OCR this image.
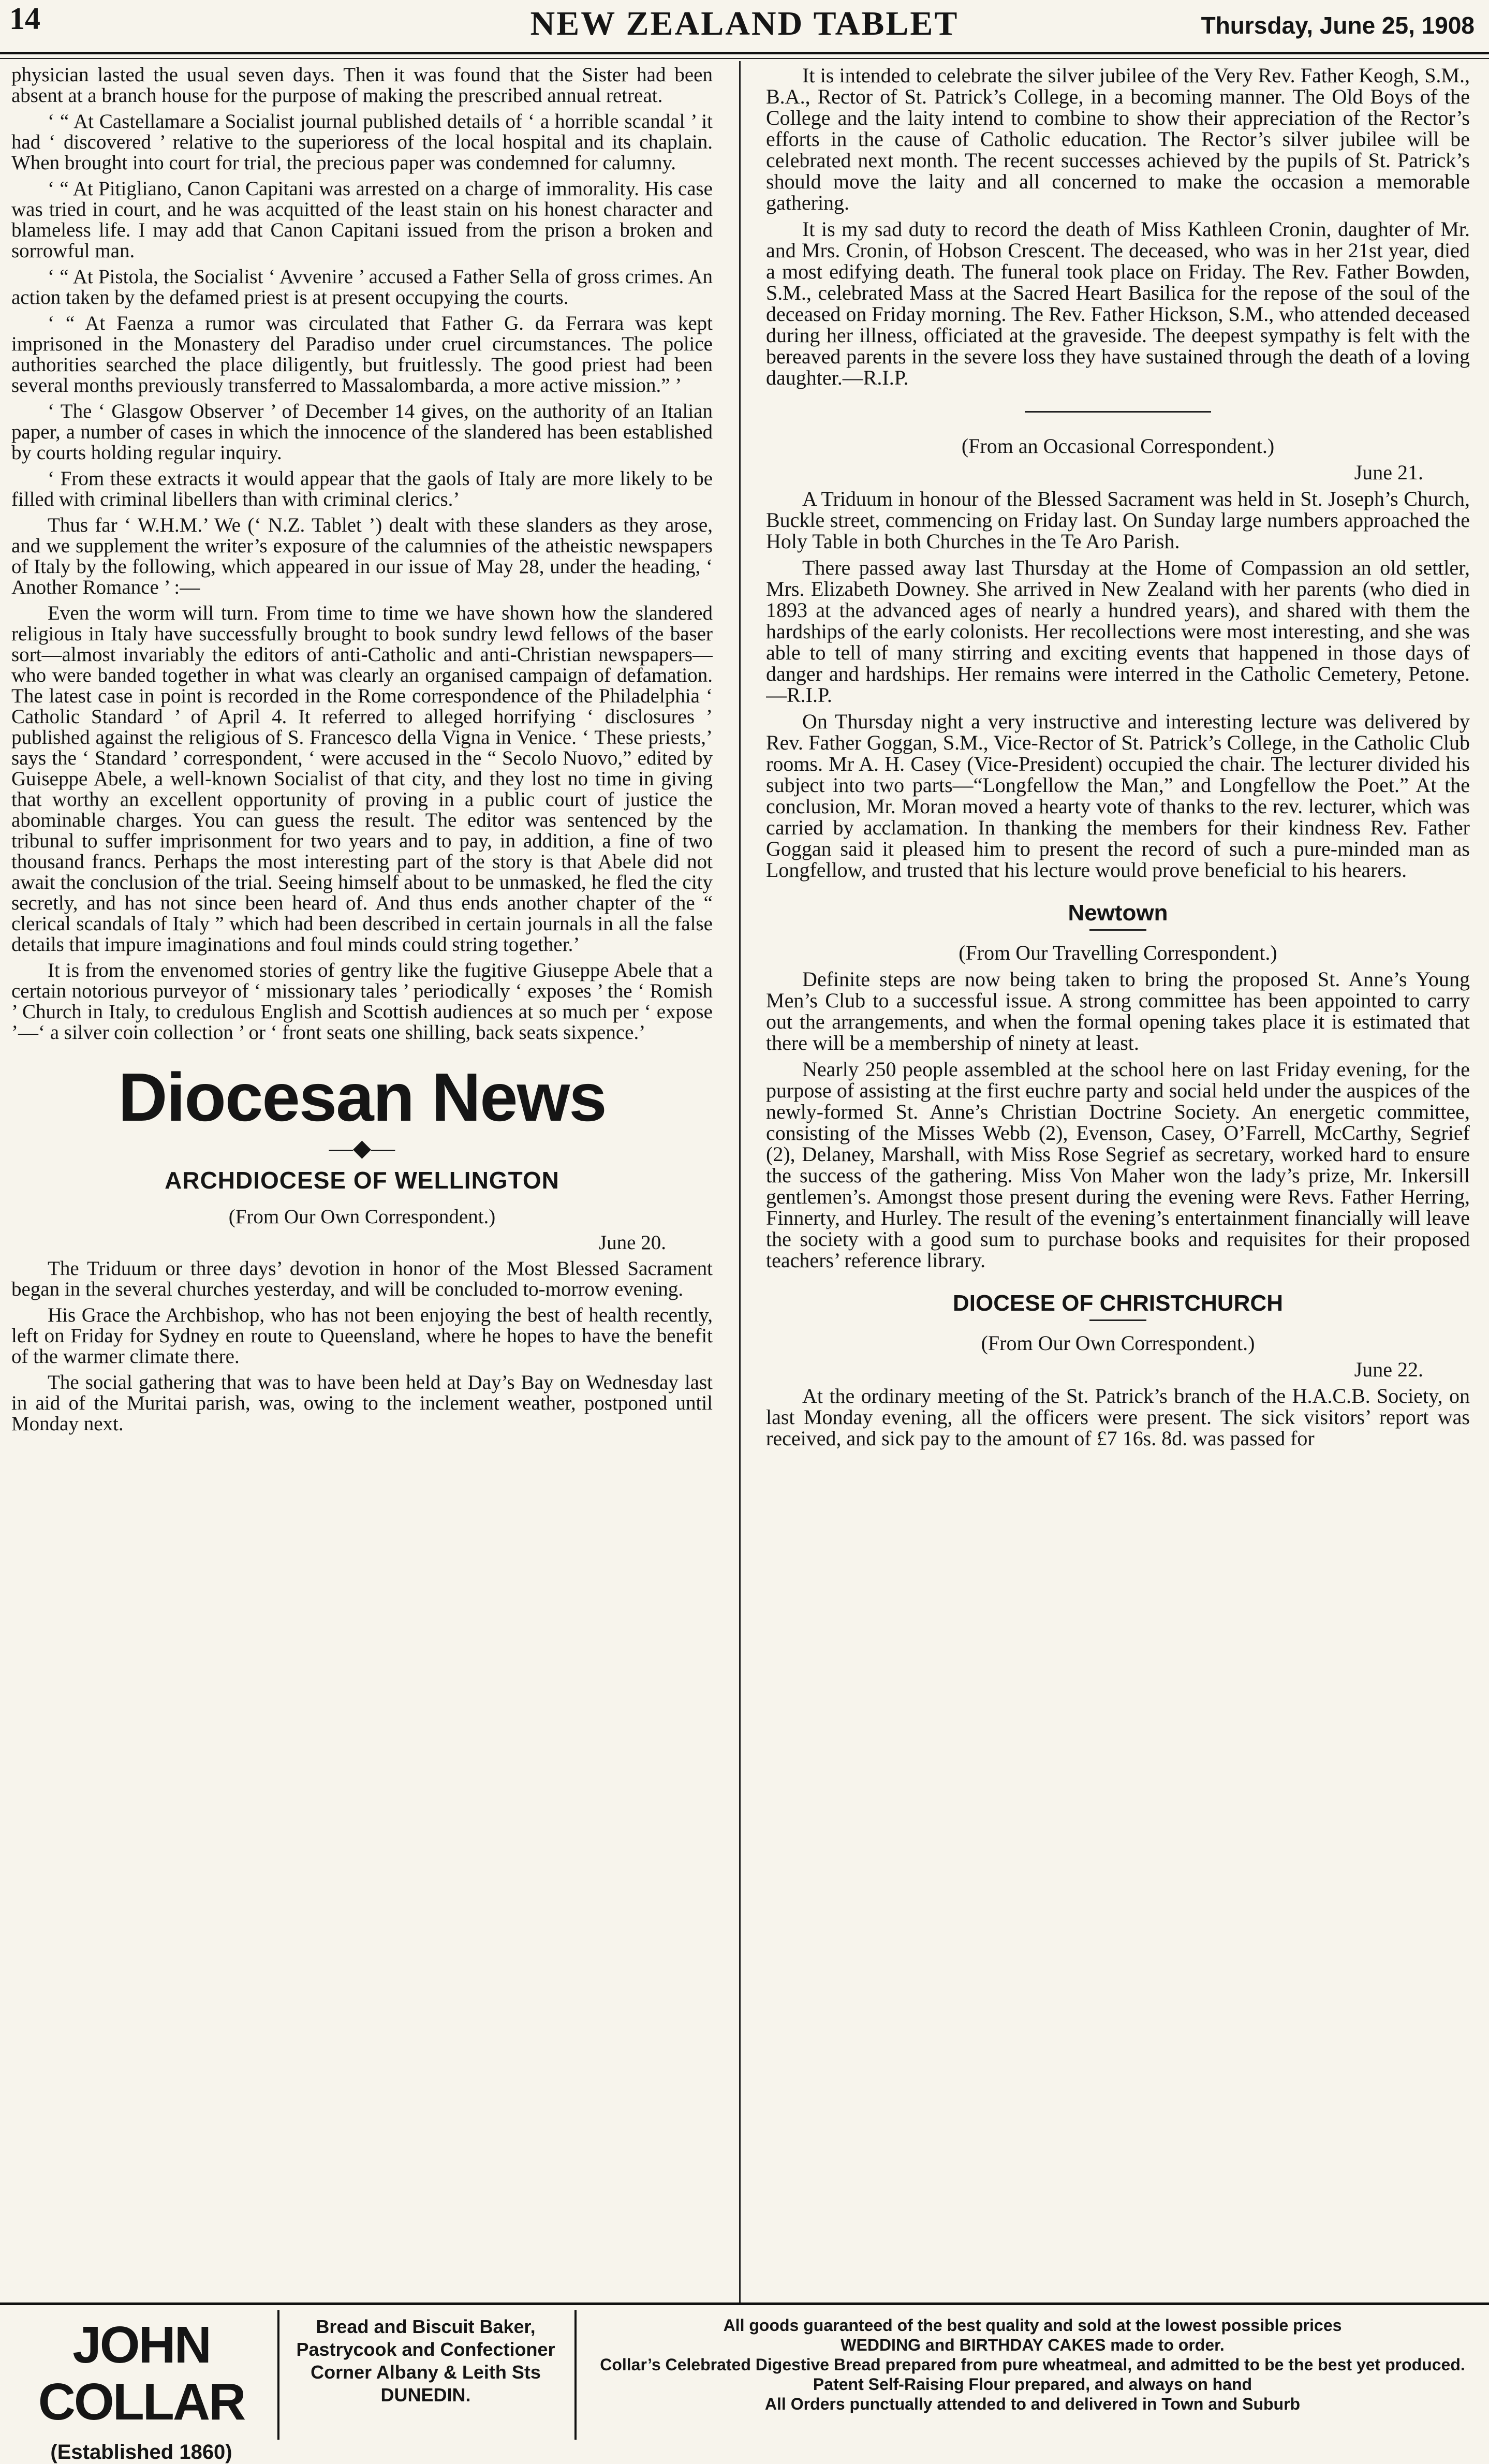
14	NEW ZEALAND TABLET	Thursday, June 25, 1908

physician lasted the usual seven days. Then it was found that the Sister had been absent at a branch house for the purpose of making the prescribed annual retreat.

‘ “ At Castellamare a Socialist journal published details of ‘ a horrible scandal ’ it had ‘ discovered ’ relative to the superioress of the local hospital and its chaplain. When brought into court for trial, the precious paper was condemned for calumny.

‘ “ At Pitigliano, Canon Capitani was arrested on a charge of immorality. His case was tried in court, and he was acquitted of the least stain on his honest character and blameless life. I may add that Canon Capitani issued from the prison a broken and sorrowful man.

‘ “ At Pistola, the Socialist ‘ Avvenire ’ accused a Father Sella of gross crimes. An action taken by the defamed priest is at present occupying the courts.

‘ “ At Faenza a rumor was circulated that Father G. da Ferrara was kept imprisoned in the Monastery del Paradiso under cruel circumstances. The police authorities searched the place diligently, but fruitlessly. The good priest had been several months previously transferred to Massalombarda, a more active mission.” ’

‘ The ‘ Glasgow Observer ’ of December 14 gives, on the authority of an Italian paper, a number of cases in which the innocence of the slandered has been established by courts holding regular inquiry.

‘ From these extracts it would appear that the gaols of Italy are more likely to be filled with criminal libellers than with criminal clerics.’

Thus far ‘ W.H.M.’ We (‘ N.Z. Tablet ’) dealt with these slanders as they arose, and we supplement the writer’s exposure of the calumnies of the atheistic newspapers of Italy by the following, which appeared in our issue of May 28, under the heading, ‘ Another Romance ’ :—

Even the worm will turn. From time to time we have shown how the slandered religious in Italy have successfully brought to book sundry lewd fellows of the baser sort—almost invariably the editors of anti-Catholic and anti-Christian newspapers—who were banded together in what was clearly an organised campaign of defamation. The latest case in point is recorded in the Rome correspondence of the Philadelphia ‘ Catholic Standard ’ of April 4. It referred to alleged horrifying ‘ disclosures ’ published against the religious of S. Francesco della Vigna in Venice. ‘ These priests,’ says the ‘ Standard ’ correspondent, ‘ were accused in the “ Secolo Nuovo,” edited by Guiseppe Abele, a well-known Socialist of that city, and they lost no time in giving that worthy an excellent opportunity of proving in a public court of justice the abominable charges. You can guess the result. The editor was sentenced by the tribunal to suffer imprisonment for two years and to pay, in addition, a fine of two thousand francs. Perhaps the most interesting part of the story is that Abele did not await the conclusion of the trial. Seeing himself about to be unmasked, he fled the city secretly, and has not since been heard of. And thus ends another chapter of the “ clerical scandals of Italy ” which had been described in certain journals in all the false details that impure imaginations and foul minds could string together.’

It is from the envenomed stories of gentry like the fugitive Giuseppe Abele that a certain notorious purveyor of ‘ missionary tales ’ periodically ‘ exposes ’ the ‘ Romish ’ Church in Italy, to credulous English and Scottish audiences at so much per ‘ expose ’—‘ a silver coin collection ’ or ‘ front seats one shilling, back seats sixpence.’

Diocesan News
—◆—
ARCHDIOCESE OF WELLINGTON

(From Our Own Correspondent.)

June 20.

The Triduum or three days’ devotion in honor of the Most Blessed Sacrament began in the several churches yesterday, and will be concluded to-morrow evening.

His Grace the Archbishop, who has not been enjoying the best of health recently, left on Friday for Sydney en route to Queensland, where he hopes to have the benefit of the warmer climate there.

The social gathering that was to have been held at Day’s Bay on Wednesday last in aid of the Muritai parish, was, owing to the inclement weather, postponed until Monday next.

It is intended to celebrate the silver jubilee of the Very Rev. Father Keogh, S.M., B.A., Rector of St. Patrick’s College, in a becoming manner. The Old Boys of the College and the laity intend to combine to show their appreciation of the Rector’s efforts in the cause of Catholic education. The Rector’s silver jubilee will be celebrated next month. The recent successes achieved by the pupils of St. Patrick’s should move the laity and all concerned to make the occasion a memorable gathering.

It is my sad duty to record the death of Miss Kathleen Cronin, daughter of Mr. and Mrs. Cronin, of Hobson Crescent. The deceased, who was in her 21st year, died a most edifying death. The funeral took place on Friday. The Rev. Father Bowden, S.M., celebrated Mass at the Sacred Heart Basilica for the repose of the soul of the deceased on Friday morning. The Rev. Father Hickson, S.M., who attended deceased during her illness, officiated at the graveside. The deepest sympathy is felt with the bereaved parents in the severe loss they have sustained through the death of a loving daughter.—R.I.P.

(From an Occasional Correspondent.)

June 21.

A Triduum in honour of the Blessed Sacrament was held in St. Joseph’s Church, Buckle street, commencing on Friday last. On Sunday large numbers approached the Holy Table in both Churches in the Te Aro Parish.

There passed away last Thursday at the Home of Compassion an old settler, Mrs. Elizabeth Downey. She arrived in New Zealand with her parents (who died in 1893 at the advanced ages of nearly a hundred years), and shared with them the hardships of the early colonists. Her recollections were most interesting, and she was able to tell of many stirring and exciting events that happened in those days of danger and hardships. Her remains were interred in the Catholic Cemetery, Petone.—R.I.P.

On Thursday night a very instructive and interesting lecture was delivered by Rev. Father Goggan, S.M., Vice-Rector of St. Patrick’s College, in the Catholic Club rooms. Mr A. H. Casey (Vice-President) occupied the chair. The lecturer divided his subject into two parts—“Longfellow the Man,” and Longfellow the Poet.” At the conclusion, Mr. Moran moved a hearty vote of thanks to the rev. lecturer, which was carried by acclamation. In thanking the members for their kindness Rev. Father Goggan said it pleased him to present the record of such a pure-minded man as Longfellow, and trusted that his lecture would prove beneficial to his hearers.

Newtown

(From Our Travelling Correspondent.)

Definite steps are now being taken to bring the proposed St. Anne’s Young Men’s Club to a successful issue. A strong committee has been appointed to carry out the arrangements, and when the formal opening takes place it is estimated that there will be a membership of ninety at least.

Nearly 250 people assembled at the school here on last Friday evening, for the purpose of assisting at the first euchre party and social held under the auspices of the newly-formed St. Anne’s Christian Doctrine Society. An energetic committee, consisting of the Misses Webb (2), Evenson, Casey, O’Farrell, McCarthy, Segrief (2), Delaney, Marshall, with Miss Rose Segrief as secretary, worked hard to ensure the success of the gathering. Miss Von Maher won the lady’s prize, Mr. Inkersill gentlemen’s. Amongst those present during the evening were Revs. Father Herring, Finnerty, and Hurley. The result of the evening’s entertainment financially will leave the society with a good sum to purchase books and requisites for their proposed teachers’ reference library.

DIOCESE OF CHRISTCHURCH

(From Our Own Correspondent.)

June 22.

At the ordinary meeting of the St. Patrick’s branch of the H.A.C.B. Society, on last Monday evening, all the officers were present. The sick visitors’ report was received, and sick pay to the amount of £7 16s. 8d. was passed for

JOHN COLLAR
(Established 1860)
Bread and Biscuit Baker,
Pastrycook and Confectioner
Corner Albany & Leith Sts
DUNEDIN.
All goods guaranteed of the best quality and sold at the lowest possible prices
WEDDING and BIRTHDAY CAKES made to order.
Collar’s Celebrated Digestive Bread prepared from pure wheatmeal, and admitted to be the best yet produced. Patent Self-Raising Flour prepared, and always on hand
All Orders punctually attended to and delivered in Town and Suburb
